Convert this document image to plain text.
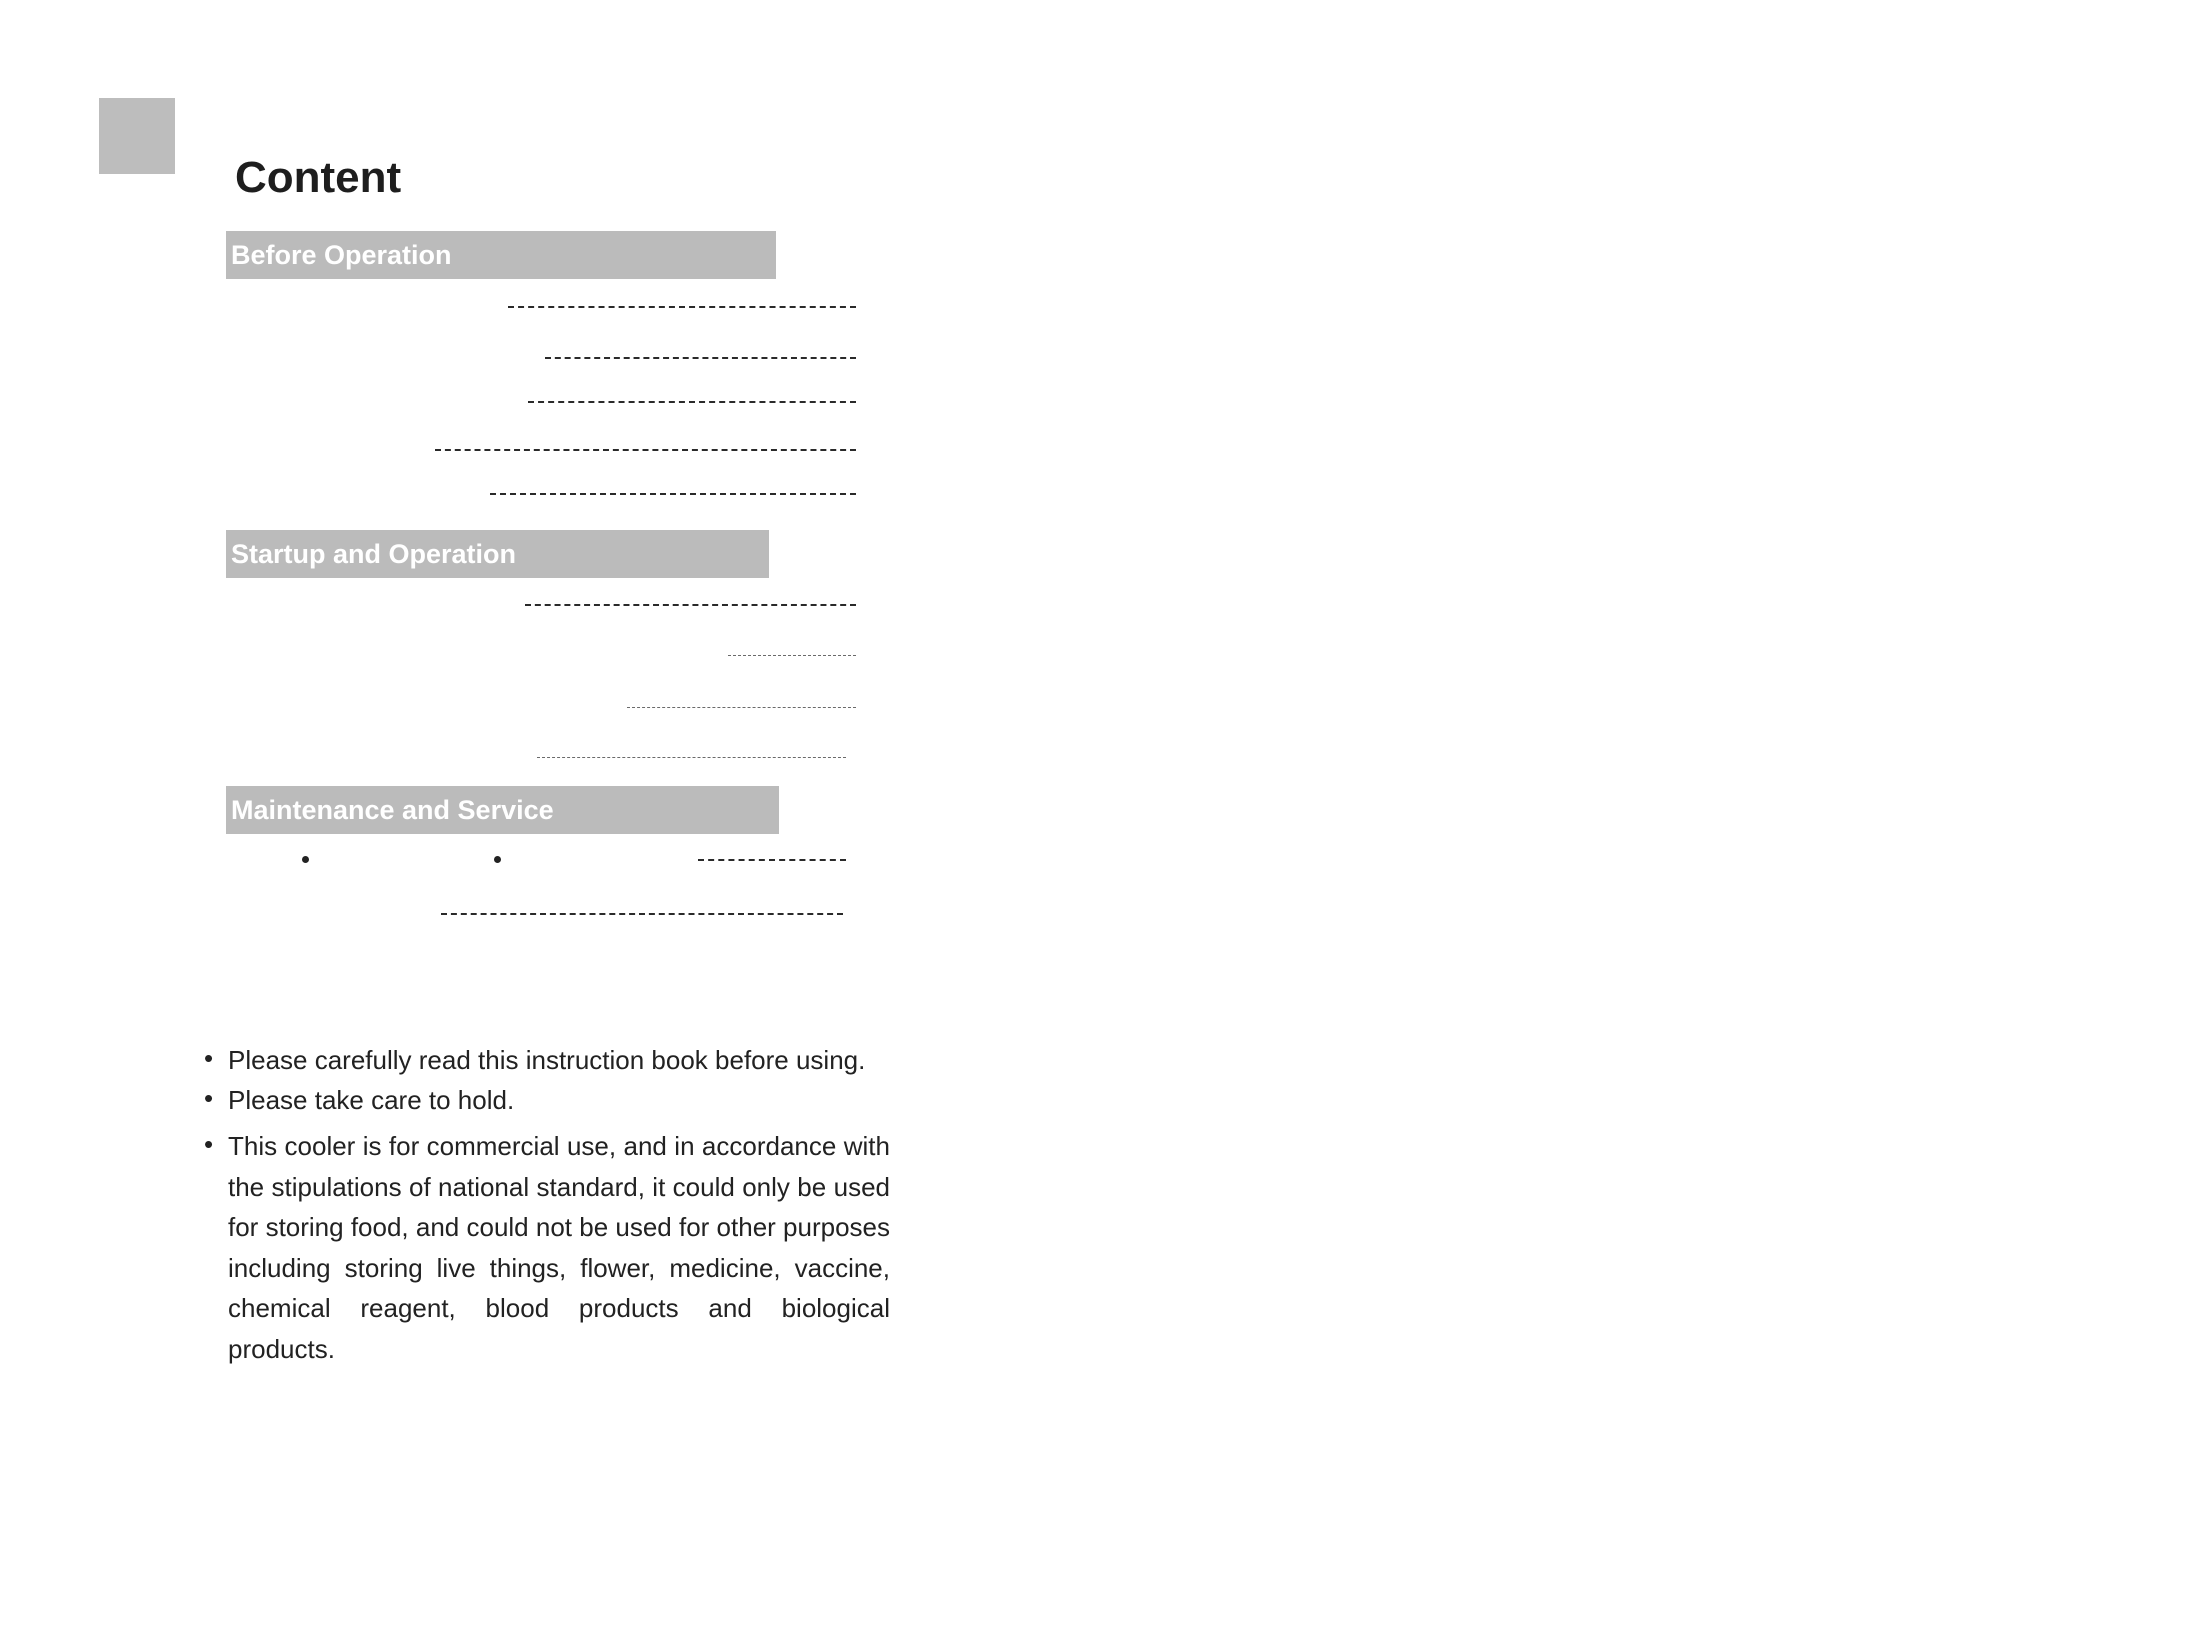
Content
Before Operation
Startup and Operation
Maintenance and Service

• Please carefully read this instruction book before using.

• Please take care to hold.

• This cooler is for commercial use, and in accordance with the stipulations of national standard, it could only be used for storing food, and could not be used for other purposes including storing live things, flower, medicine, vaccine, chemical reagent, blood products and biological products.
